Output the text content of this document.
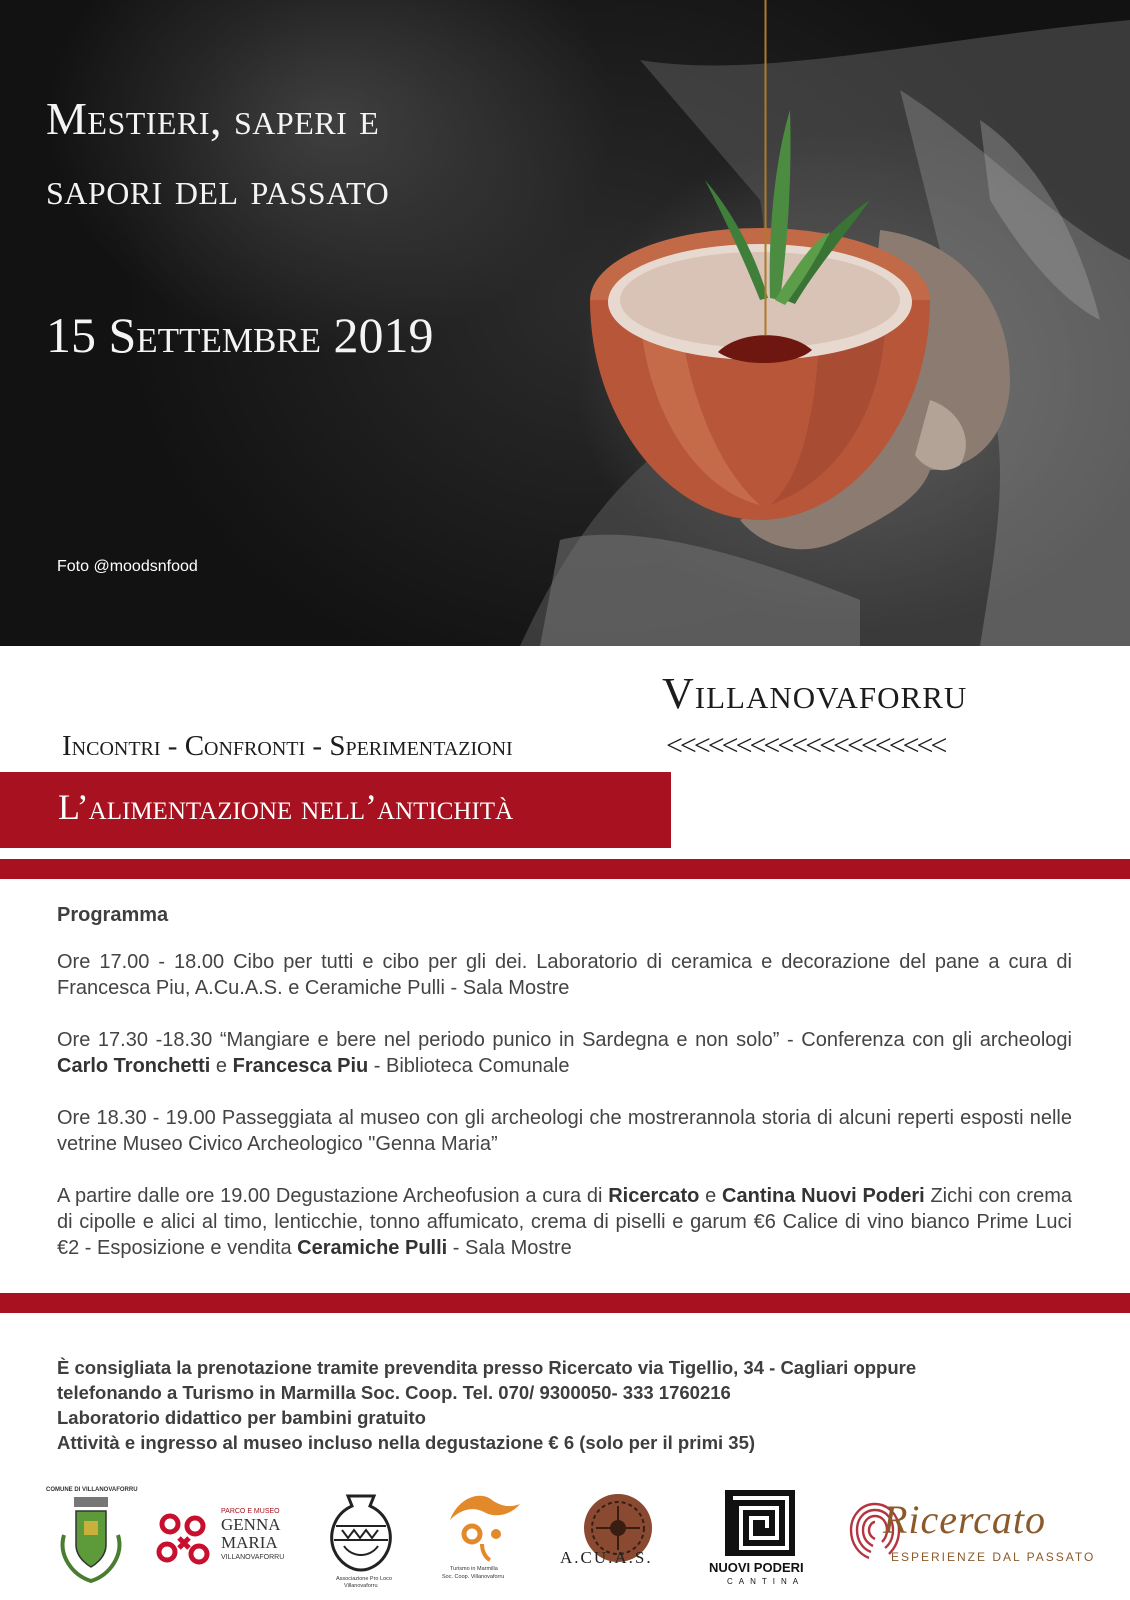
Mestieri, saperi e
sapori del passato
15 Settembre 2019
Foto @moodsnfood
Villanovaforru
Incontri - Confronti - Sperimentazioni	<<<<<<<<<<<<<<<<<<<<
L’alimentazione nell’antichità
Programma
Ore 17.00 - 18.00 Cibo per tutti e cibo per gli dei. Laboratorio di ceramica e decorazione del pane a cura di Francesca Piu, A.Cu.A.S. e Ceramiche Pulli - Sala Mostre
Ore 17.30 -18.30 “Mangiare e bere nel periodo punico in Sardegna e non solo” - Conferenza con gli archeologi Carlo Tronchetti e Francesca Piu - Biblioteca Comunale
Ore 18.30 - 19.00 Passeggiata al museo con gli archeologi che mostrerannola storia di alcuni reperti esposti nelle vetrine Museo Civico Archeologico "Genna Maria”
A partire dalle ore 19.00 Degustazione Archeofusion a cura di Ricercato e Cantina Nuovi Poderi Zichi con crema di cipolle e alici al timo, lenticchie, tonno affumicato, crema di piselli e garum €6 Calice di vino bianco Prime Luci €2 - Esposizione e vendita Ceramiche Pulli - Sala Mostre
È consigliata la prenotazione tramite prevendita presso Ricercato via Tigellio, 34 - Cagliari oppure
telefonando a Turismo in Marmilla Soc. Coop. Tel. 070/ 9300050- 333 1760216
Laboratorio didattico per bambini gratuito
Attività e ingresso al museo incluso nella degustazione € 6 (solo per il primi 35)
COMUNE DI VILLANOVAFORRU
PARCO E MUSEO
GENNA
MARIA
VILLANOVAFORRU
Associazione Pro Loco
Villanovaforru
Turismo in Marmilla
Soc. Coop. Villanovaforru
A.CU.A.S.
NUOVI PODERI
CANTINA
Ricercato
ESPERIENZE DAL PASSATO
